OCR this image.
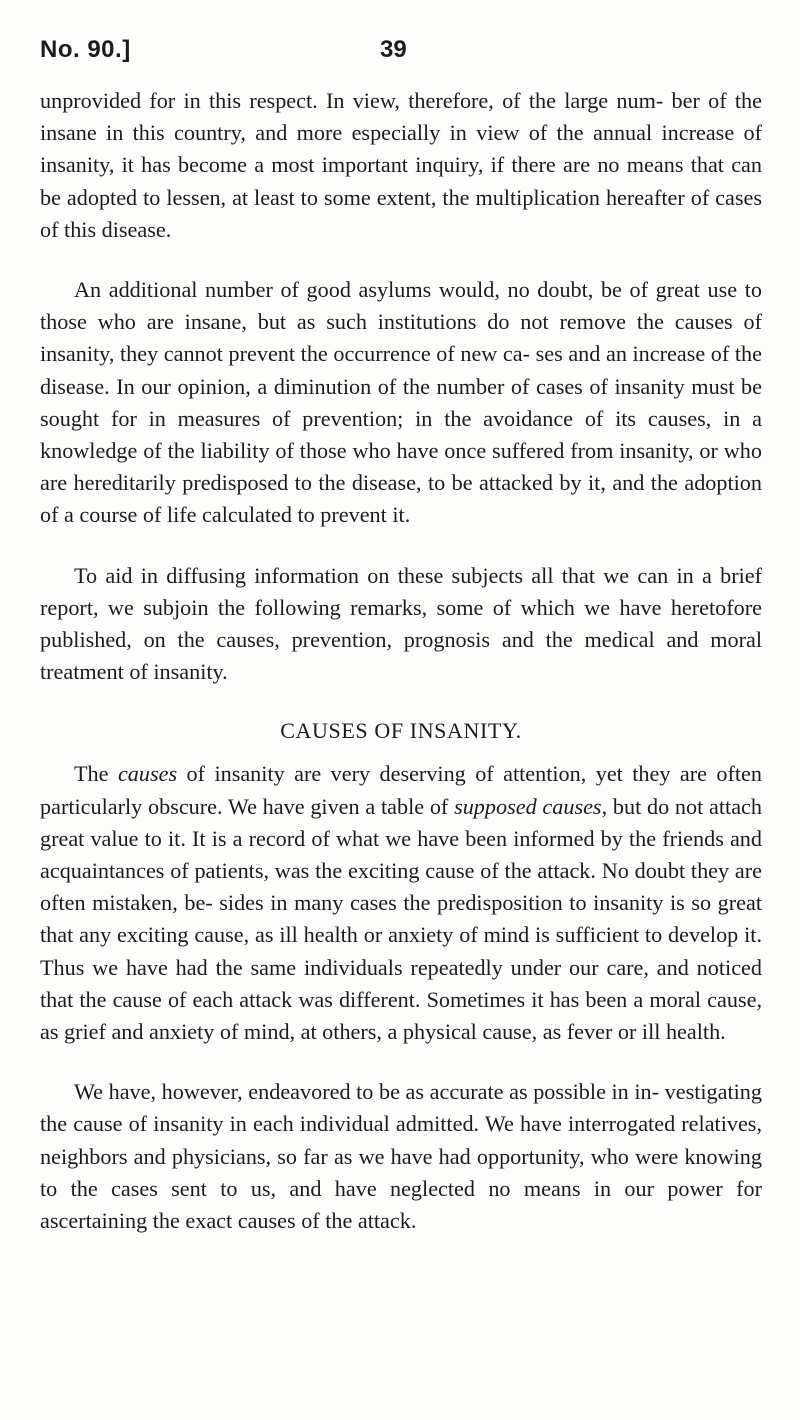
No. 90.]	39

unprovided for in this respect. In view, therefore, of the large num- ber of the insane in this country, and more especially in view of the annual increase of insanity, it has become a most important inquiry, if there are no means that can be adopted to lessen, at least to some extent, the multiplication hereafter of cases of this disease.

An additional number of good asylums would, no doubt, be of great use to those who are insane, but as such institutions do not remove the causes of insanity, they cannot prevent the occurrence of new ca- ses and an increase of the disease. In our opinion, a diminution of the number of cases of insanity must be sought for in measures of prevention; in the avoidance of its causes, in a knowledge of the liability of those who have once suffered from insanity, or who are hereditarily predisposed to the disease, to be attacked by it, and the adoption of a course of life calculated to prevent it.

To aid in diffusing information on these subjects all that we can in a brief report, we subjoin the following remarks, some of which we have heretofore published, on the causes, prevention, prognosis and the medical and moral treatment of insanity.

CAUSES OF INSANITY.

The causes of insanity are very deserving of attention, yet they are often particularly obscure. We have given a table of supposed causes, but do not attach great value to it. It is a record of what we have been informed by the friends and acquaintances of patients, was the exciting cause of the attack. No doubt they are often mistaken, be- sides in many cases the predisposition to insanity is so great that any exciting cause, as ill health or anxiety of mind is sufficient to develop it. Thus we have had the same individuals repeatedly under our care, and noticed that the cause of each attack was different. Sometimes it has been a moral cause, as grief and anxiety of mind, at others, a physical cause, as fever or ill health.

We have, however, endeavored to be as accurate as possible in in- vestigating the cause of insanity in each individual admitted. We have interrogated relatives, neighbors and physicians, so far as we have had opportunity, who were knowing to the cases sent to us, and have neglected no means in our power for ascertaining the exact causes of the attack.
